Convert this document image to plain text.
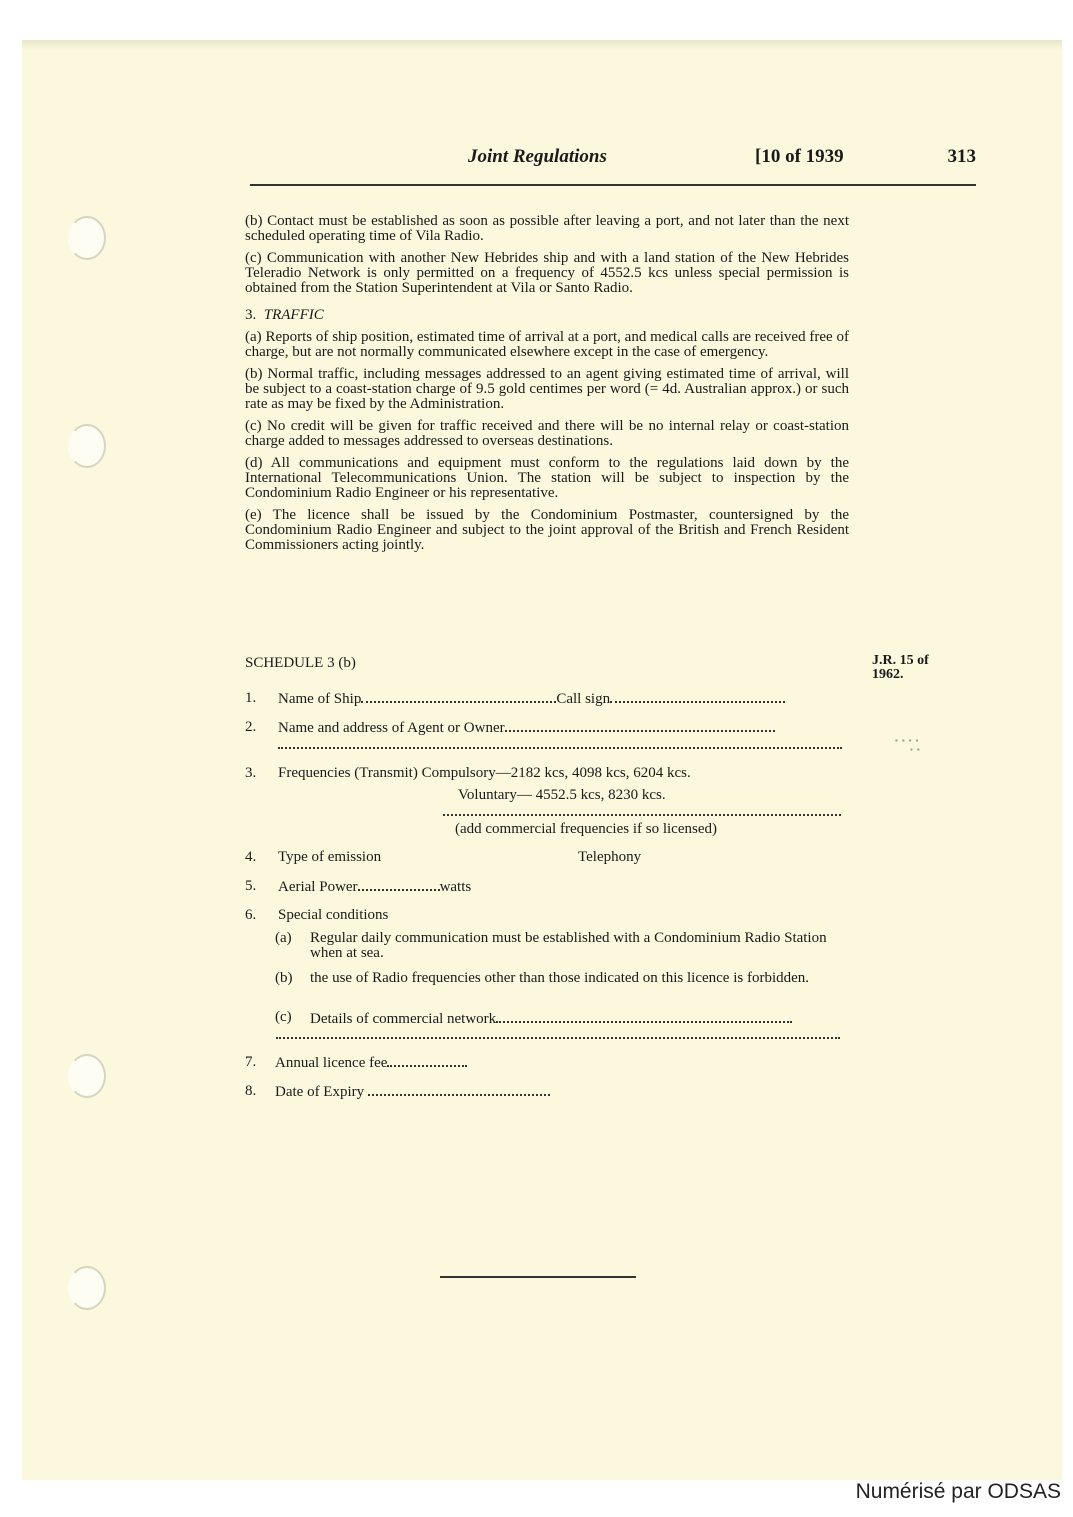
Joint Regulations	[10 of 1939	313

(b) Contact must be established as soon as possible after leaving a port, and not later than the next scheduled operating time of Vila Radio.

(c) Communication with another New Hebrides ship and with a land station of the New Hebrides Teleradio Network is only permitted on a frequency of 4552.5 kcs unless special permission is obtained from the Station Superintendent at Vila or Santo Radio.

3. TRAFFIC

(a) Reports of ship position, estimated time of arrival at a port, and medical calls are received free of charge, but are not normally communicated elsewhere except in the case of emergency.

(b) Normal traffic, including messages addressed to an agent giving estimated time of arrival, will be subject to a coast-station charge of 9.5 gold centimes per word (= 4d. Australian approx.) or such rate as may be fixed by the Administration.

(c) No credit will be given for traffic received and there will be no internal relay or coast-station charge added to messages addressed to overseas destinations.

(d) All communications and equipment must conform to the regulations laid down by the International Telecommunications Union. The station will be subject to inspection by the Condominium Radio Engineer or his representative.

(e) The licence shall be issued by the Condominium Postmaster, countersigned by the Condominium Radio Engineer and subject to the joint approval of the British and French Resident Commissioners acting jointly.

SCHEDULE 3 (b)	J.R. 15 of
1962.
▪ ▪ ▪ ▪
▪ ▪
1. Name of Ship	Call sign
2. Name and address of Agent or Owner
3. Frequencies (Transmit) Compulsory—2182 kcs, 4098 kcs, 6204 kcs.
Voluntary— 4552.5 kcs, 8230 kcs.
(add commercial frequencies if so licensed)
4. Type of emission	Telephony
5. Aerial Power	watts
6. Special conditions
(a) Regular daily communication must be established with a Condominium Radio Station when at sea.
(b) the use of Radio frequencies other than those indicated on this licence is forbidden.
(c) Details of commercial network
7. Annual licence fee
8. Date of Expiry
Numérisé par ODSAS
